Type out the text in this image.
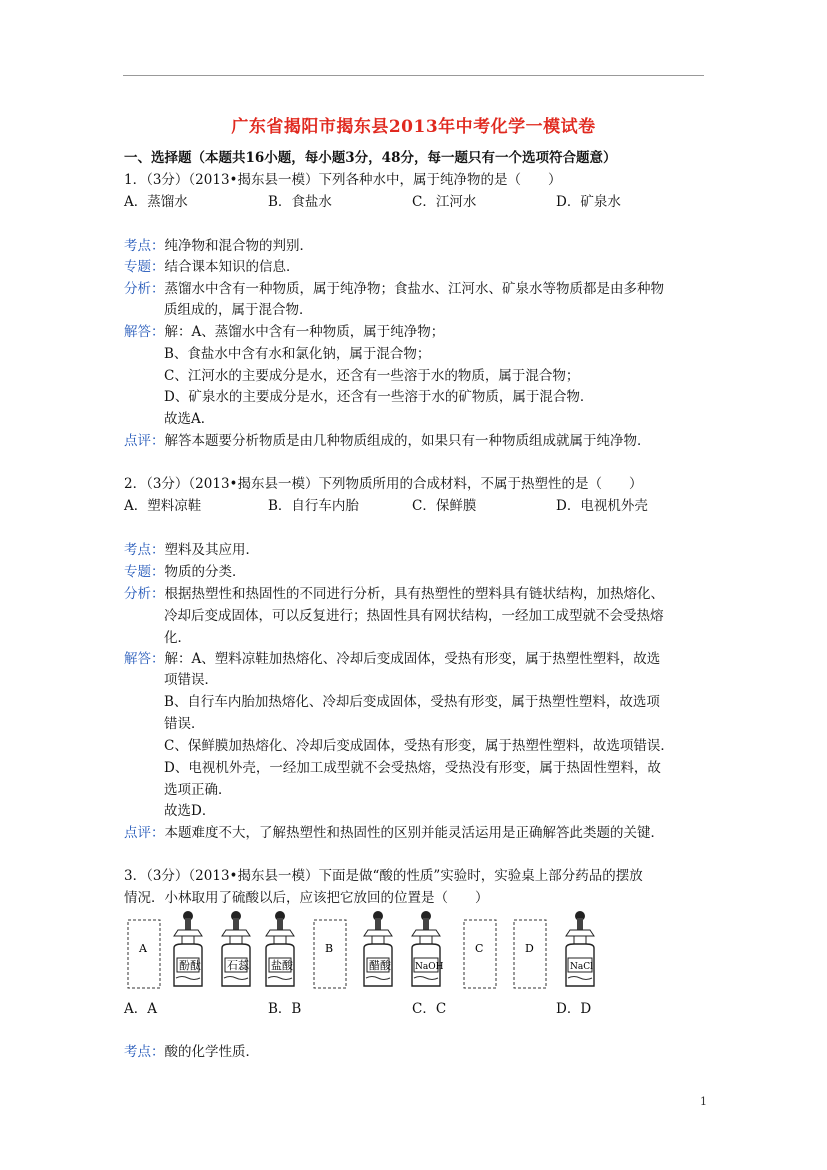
广东省揭阳市揭东县2013年中考化学一模试卷
一、选择题（本题共16小题，每小题3分，48分，每一题只有一个选项符合题意）
1．（3分）（2013•揭东县一模）下列各种水中，属于纯净物的是（　　）
A．蒸馏水	B．食盐水	C．江河水	D．矿泉水
考点：纯净物和混合物的判别．
专题：结合课本知识的信息．
分析：蒸馏水中含有一种物质，属于纯净物；食盐水、江河水、矿泉水等物质都是由多种物
质组成的，属于混合物．
解答：解：A、蒸馏水中含有一种物质，属于纯净物；
B、食盐水中含有水和氯化钠，属于混合物；
C、江河水的主要成分是水，还含有一些溶于水的物质，属于混合物；
D、矿泉水的主要成分是水，还含有一些溶于水的矿物质，属于混合物．
故选A．
点评：解答本题要分析物质是由几种物质组成的，如果只有一种物质组成就属于纯净物．
2．（3分）（2013•揭东县一模）下列物质所用的合成材料，不属于热塑性的是（　　）
A．塑料凉鞋	B．自行车内胎	C．保鲜膜	D．电视机外壳
考点：塑料及其应用．
专题：物质的分类．
分析：根据热塑性和热固性的不同进行分析，具有热塑性的塑料具有链状结构，加热熔化、
冷却后变成固体，可以反复进行；热固性具有网状结构，一经加工成型就不会受热熔
化．
解答：解：A、塑料凉鞋加热熔化、冷却后变成固体，受热有形变，属于热塑性塑料，故选
项错误．
B、自行车内胎加热熔化、冷却后变成固体，受热有形变，属于热塑性塑料，故选项
错误．
C、保鲜膜加热熔化、冷却后变成固体，受热有形变，属于热塑性塑料，故选项错误．
D、电视机外壳，一经加工成型就不会受热熔，受热没有形变，属于热固性塑料，故
选项正确．
故选D．
点评：本题难度不大，了解热塑性和热固性的区别并能灵活运用是正确解答此类题的关键．
3．（3分）（2013•揭东县一模）下面是做“酸的性质”实验时，实验桌上部分药品的摆放
情况．小林取用了硫酸以后，应该把它放回的位置是（　　）
A
酚酞 石蕊 盐酸
B
醋酸	NaOH
C	D
NaCl
A．A	B．B	C．C	D．D
考点：酸的化学性质．
1
